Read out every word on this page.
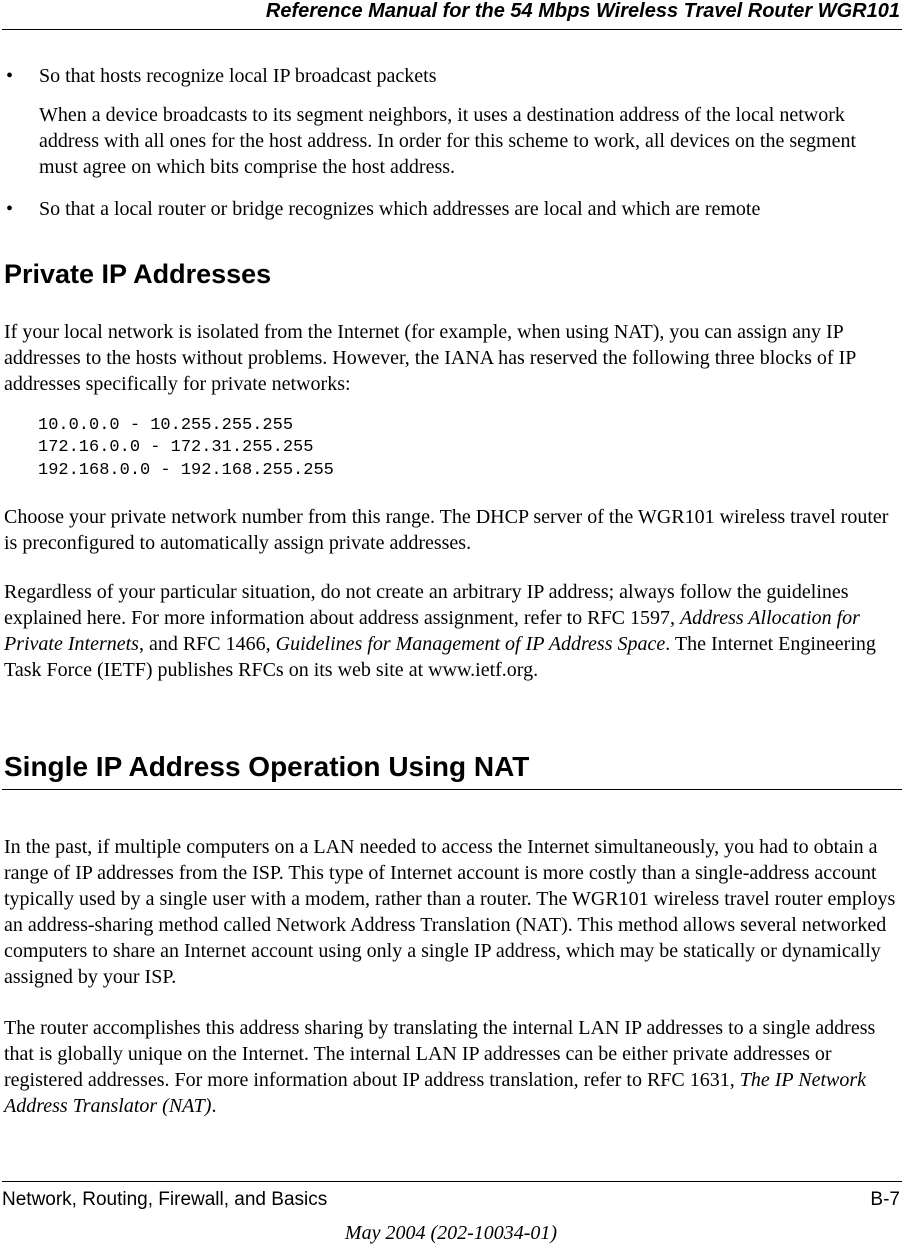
Reference Manual for the 54 Mbps Wireless Travel Router WGR101
• So that hosts recognize local IP broadcast packets
When a device broadcasts to its segment neighbors, it uses a destination address of the local network address with all ones for the host address. In order for this scheme to work, all devices on the segment must agree on which bits comprise the host address.
• So that a local router or bridge recognizes which addresses are local and which are remote
Private IP Addresses
If your local network is isolated from the Internet (for example, when using NAT), you can assign any IP addresses to the hosts without problems. However, the IANA has reserved the following three blocks of IP addresses specifically for private networks:
10.0.0.0 - 10.255.255.255
172.16.0.0 - 172.31.255.255
192.168.0.0 - 192.168.255.255
Choose your private network number from this range. The DHCP server of the WGR101 wireless travel router is preconfigured to automatically assign private addresses.
Regardless of your particular situation, do not create an arbitrary IP address; always follow the guidelines explained here. For more information about address assignment, refer to RFC 1597, Address Allocation for Private Internets, and RFC 1466, Guidelines for Management of IP Address Space. The Internet Engineering Task Force (IETF) publishes RFCs on its web site at www.ietf.org.
Single IP Address Operation Using NAT
In the past, if multiple computers on a LAN needed to access the Internet simultaneously, you had to obtain a range of IP addresses from the ISP. This type of Internet account is more costly than a single-address account typically used by a single user with a modem, rather than a router. The WGR101 wireless travel router employs an address-sharing method called Network Address Translation (NAT). This method allows several networked computers to share an Internet account using only a single IP address, which may be statically or dynamically assigned by your ISP.
The router accomplishes this address sharing by translating the internal LAN IP addresses to a single address that is globally unique on the Internet. The internal LAN IP addresses can be either private addresses or registered addresses. For more information about IP address translation, refer to RFC 1631, The IP Network Address Translator (NAT).
Network, Routing, Firewall, and Basics	B-7
May 2004 (202-10034-01)
